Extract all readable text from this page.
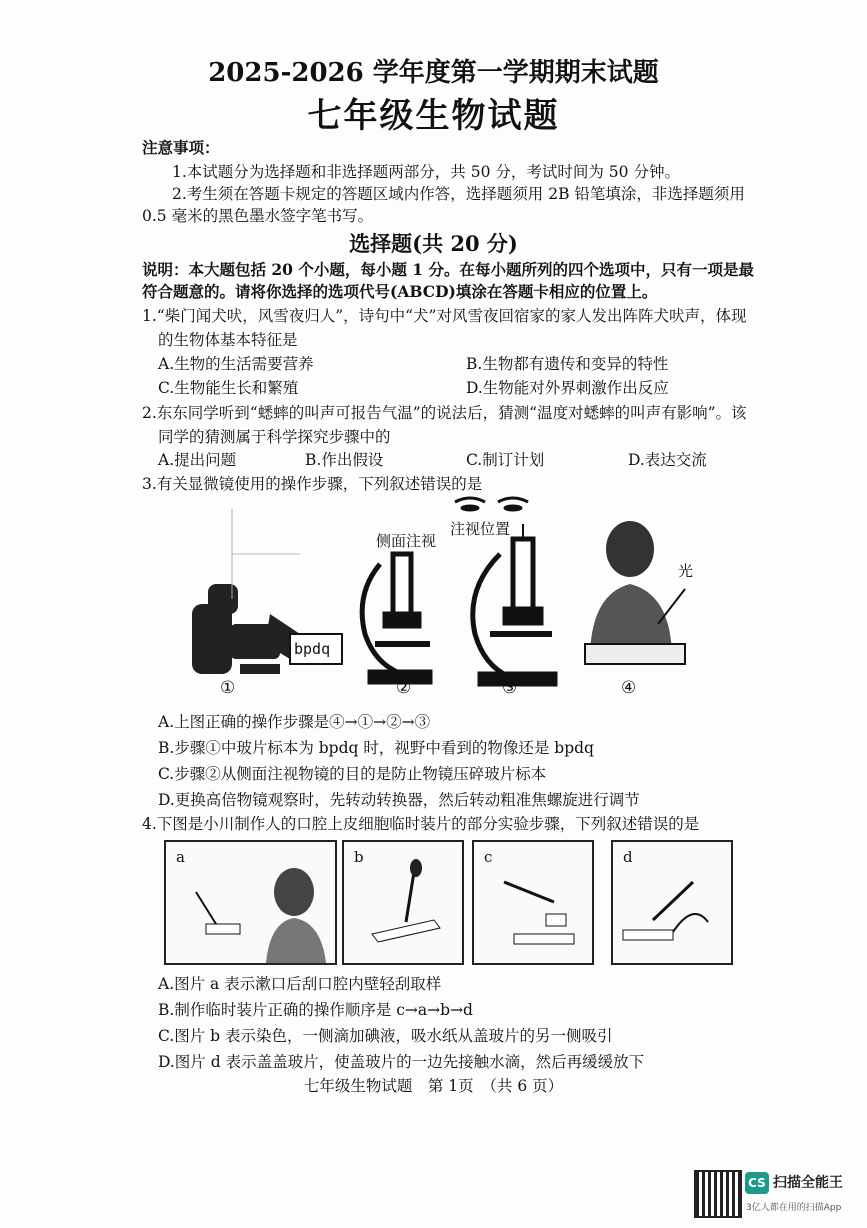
2025-2026 学年度第一学期期末试题
七年级生物试题
注意事项：
1.本试题分为选择题和非选择题两部分，共 50 分，考试时间为 50 分钟。
2.考生须在答题卡规定的答题区域内作答，选择题须用 2B 铅笔填涂，非选择题须用
0.5 毫米的黑色墨水签字笔书写。
选择题(共 20 分)
说明：本大题包括 20 个小题，每小题 1 分。在每小题所列的四个选项中，只有一项是最
符合题意的。请将你选择的选项代号(ABCD)填涂在答题卡相应的位置上。
1.“柴门闻犬吠，风雪夜归人”，诗句中“犬”对风雪夜回宿家的家人发出阵阵犬吠声，体现
的生物体基本特征是
A.生物的生活需要营养	B.生物都有遗传和变异的特性
C.生物能生长和繁殖	D.生物能对外界刺激作出反应
2.东东同学听到“蟋蟀的叫声可报告气温”的说法后，猜测“温度对蟋蟀的叫声有影响”。该
同学的猜测属于科学探究步骤中的
A.提出问题	B.作出假设	C.制订计划	D.表达交流
3.有关显微镜使用的操作步骤，下列叙述错误的是
侧面注视
注视位置
光
bpdq
①	②	③	④
A.上图正确的操作步骤是④→①→②→③
B.步骤①中玻片标本为 bpdq 时，视野中看到的物像还是 bpdq
C.步骤②从侧面注视物镜的目的是防止物镜压碎玻片标本
D.更换高倍物镜观察时，先转动转换器，然后转动粗准焦螺旋进行调节
4.下图是小川制作人的口腔上皮细胞临时装片的部分实验步骤，下列叙述错误的是
a	b	c	d
A.图片 a 表示漱口后刮口腔内壁轻刮取样
B.制作临时装片正确的操作顺序是 c→a→b→d
C.图片 b 表示染色，一侧滴加碘液，吸水纸从盖玻片的另一侧吸引
D.图片 d 表示盖盖玻片，使盖玻片的一边先接触水滴，然后再缓缓放下
七年级生物试题　第 1页　（共 6 页）
CS 扫描全能王
3亿人都在用的扫描App
